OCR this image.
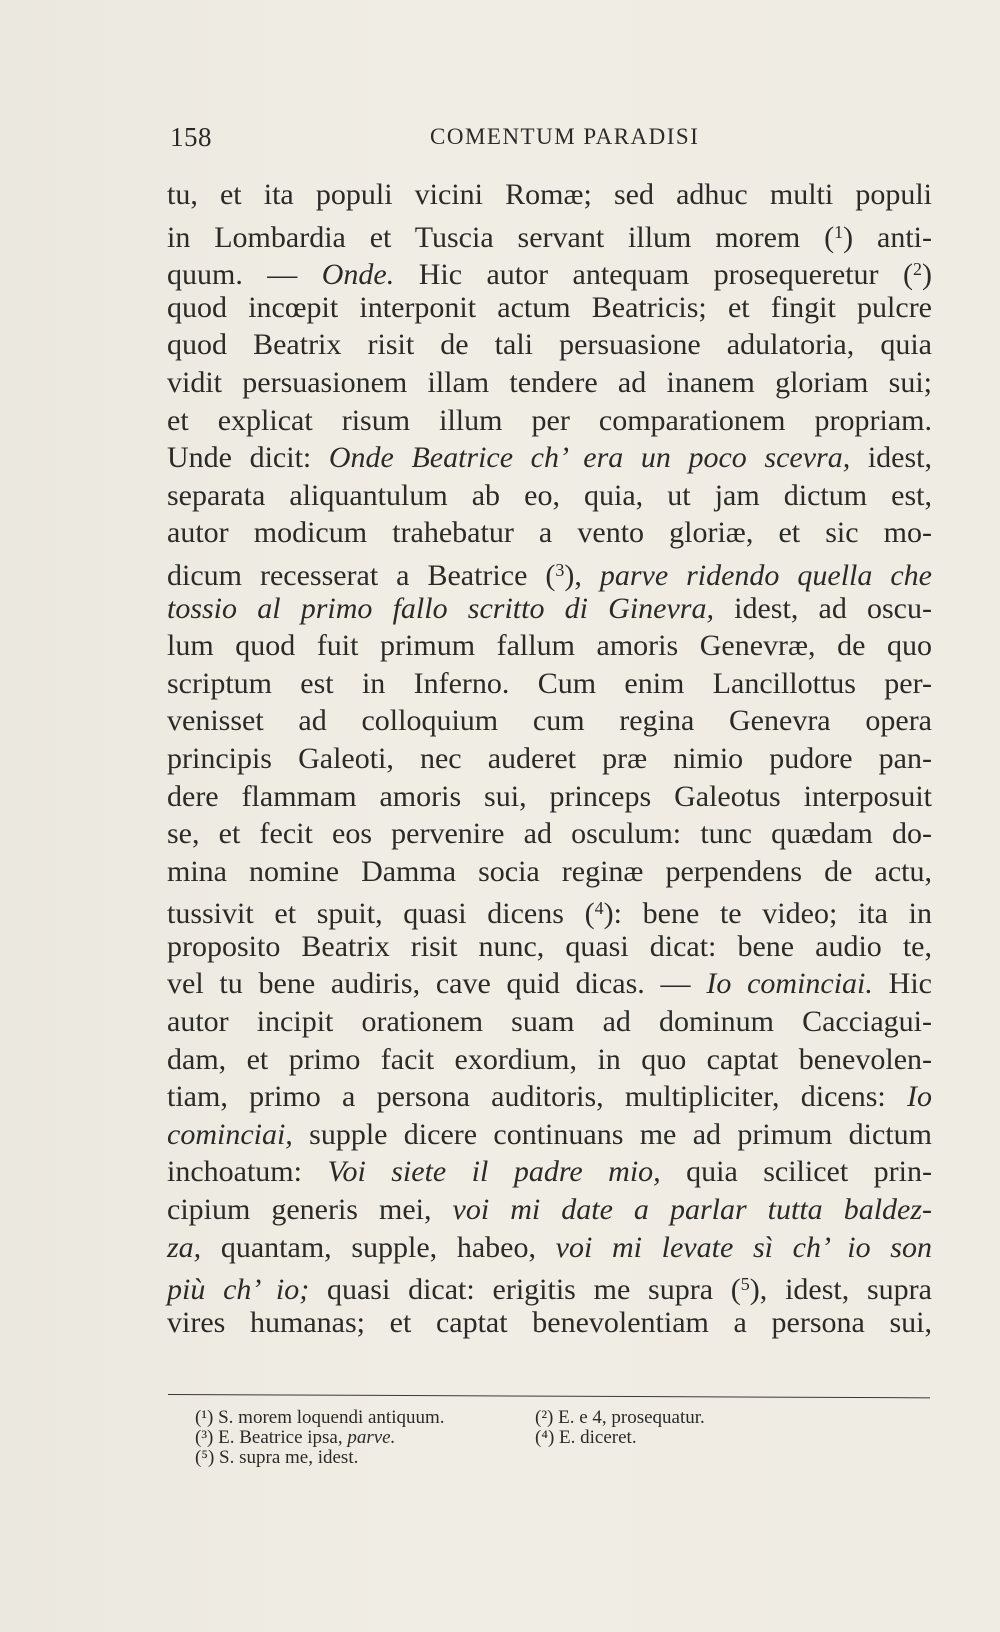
158	COMENTUM PARADISI
tu, et ita populi vicini Romæ; sed adhuc multi populi
in Lombardia et Tuscia servant illum morem ($^1$) anti-
quum. — Onde. Hic autor antequam prosequeretur ($^2$)
quod incœpit interponit actum Beatricis; et fingit pulcre
quod Beatrix risit de tali persuasione adulatoria, quia
vidit persuasionem illam tendere ad inanem gloriam sui;
et explicat risum illum per comparationem propriam.
Unde dicit: Onde Beatrice ch’ era un poco scevra, idest,
separata aliquantulum ab eo, quia, ut jam dictum est,
autor modicum trahebatur a vento gloriæ, et sic mo-
dicum recesserat a Beatrice ($^3$), parve ridendo quella che
tossio al primo fallo scritto di Ginevra, idest, ad oscu-
lum quod fuit primum fallum amoris Genevræ, de quo
scriptum est in Inferno. Cum enim Lancillottus per-
venisset ad colloquium cum regina Genevra opera
principis Galeoti, nec auderet præ nimio pudore pan-
dere flammam amoris sui, princeps Galeotus interposuit
se, et fecit eos pervenire ad osculum: tunc quædam do-
mina nomine Damma socia reginæ perpendens de actu,
tussivit et spuit, quasi dicens ($^4$): bene te video; ita in
proposito Beatrix risit nunc, quasi dicat: bene audio te,
vel tu bene audiris, cave quid dicas. — Io cominciai. Hic
autor incipit orationem suam ad dominum Cacciagui-
dam, et primo facit exordium, in quo captat benevolen-
tiam, primo a persona auditoris, multipliciter, dicens: Io
cominciai, supple dicere continuans me ad primum dictum
inchoatum: Voi siete il padre mio, quia scilicet prin-
cipium generis mei, voi mi date a parlar tutta baldez-
za, quantam, supple, habeo, voi mi levate sì ch’ io son
più ch’ io; quasi dicat: erigitis me supra ($^5$), idest, supra
vires humanas; et captat benevolentiam a persona sui,
(¹) S. morem loquendi antiquum.	(²) E. e 4, prosequatur.
(³) E. Beatrice ipsa, parve.	(⁴) E. diceret.
(⁵) S. supra me, idest.
